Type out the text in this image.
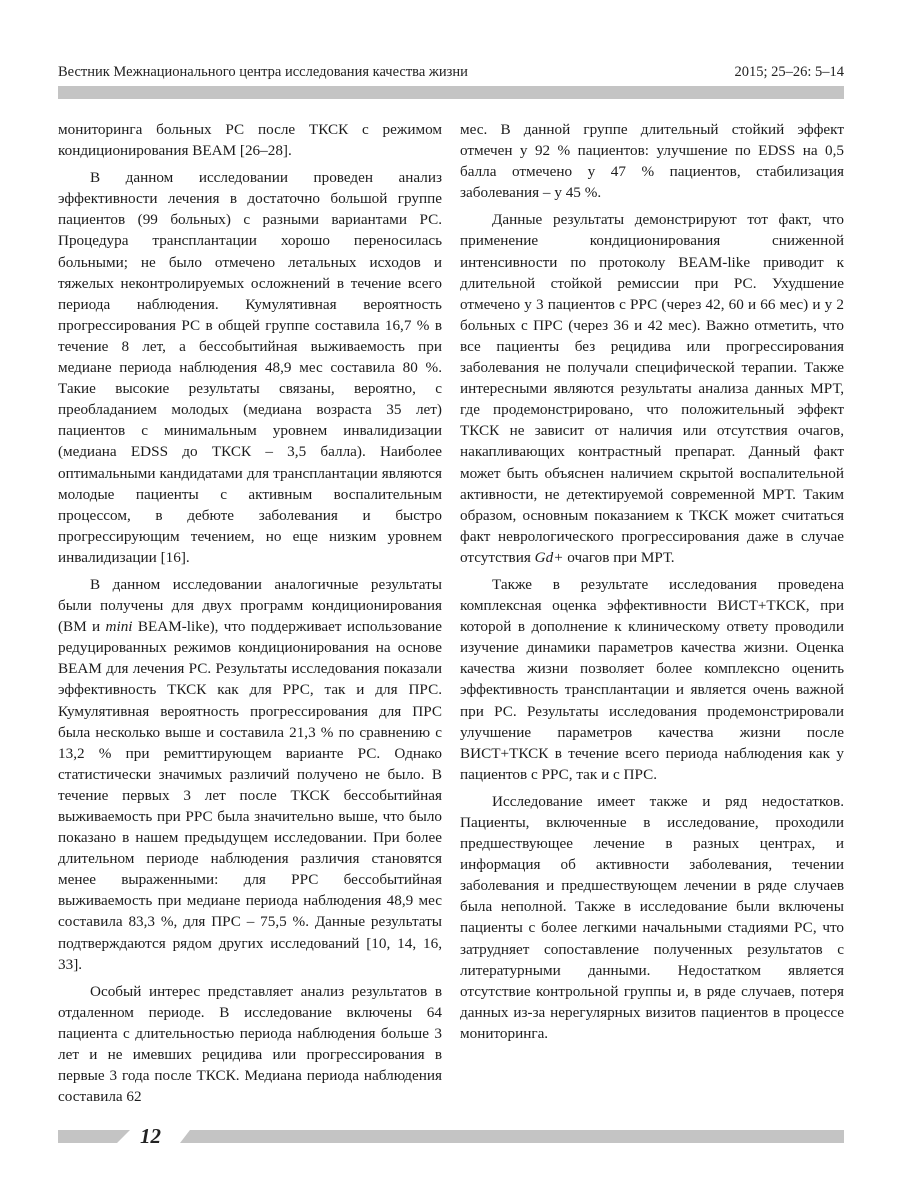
Вестник Межнационального центра исследования качества жизни	2015; 25–26: 5–14

мониторинга больных РС после ТКСК с режимом кондиционирования BEAM [26–28].

В данном исследовании проведен анализ эффективности лечения в достаточно большой группе пациентов (99 больных) с разными вариантами РС. Процедура трансплантации хорошо переносилась больными; не было отмечено летальных исходов и тяжелых неконтролируемых осложнений в течение всего периода наблюдения. Кумулятивная вероятность прогрессирования РС в общей группе составила 16,7 % в течение 8 лет, а бессобытийная выживаемость при медиане периода наблюдения 48,9 мес составила 80 %. Такие высокие результаты связаны, вероятно, с преобладанием молодых (медиана возраста 35 лет) пациентов с минимальным уровнем инвалидизации (медиана EDSS до ТКСК – 3,5 балла). Наиболее оптимальными кандидатами для трансплантации являются молодые пациенты с активным воспалительным процессом, в дебюте заболевания и быстро прогрессирующим течением, но еще низким уровнем инвалидизации [16].

В данном исследовании аналогичные результаты были получены для двух программ кондиционирования (BM и mini BEAM-like), что поддерживает использование редуцированных режимов кондиционирования на основе BEAM для лечения РС. Результаты исследования показали эффективность ТКСК как для РРС, так и для ПРС. Кумулятивная вероятность прогрессирования для ПРС была несколько выше и составила 21,3 % по сравнению с 13,2 % при ремиттирующем варианте РС. Однако статистически значимых различий получено не было. В течение первых 3 лет после ТКСК бессобытийная выживаемость при РРС была значительно выше, что было показано в нашем предыдущем исследовании. При более длительном периоде наблюдения различия становятся менее выраженными: для РРС бессобытийная выживаемость при медиане периода наблюдения 48,9 мес составила 83,3 %, для ПРС – 75,5 %. Данные результаты подтверждаются рядом других исследований [10, 14, 16, 33].

Особый интерес представляет анализ результатов в отдаленном периоде. В исследование включены 64 пациента с длительностью периода наблюдения больше 3 лет и не имевших рецидива или прогрессирования в первые 3 года после ТКСК. Медиана периода наблюдения составила 62

мес. В данной группе длительный стойкий эффект отмечен у 92 % пациентов: улучшение по EDSS на 0,5 балла отмечено у 47 % пациентов, стабилизация заболевания – у 45 %.

Данные результаты демонстрируют тот факт, что применение кондиционирования сниженной интенсивности по протоколу BEAM-like приводит к длительной стойкой ремиссии при РС. Ухудшение отмечено у 3 пациентов с РРС (через 42, 60 и 66 мес) и у 2 больных с ПРС (через 36 и 42 мес). Важно отметить, что все пациенты без рецидива или прогрессирования заболевания не получали специфической терапии. Также интересными являются результаты анализа данных МРТ, где продемонстрировано, что положительный эффект ТКСК не зависит от наличия или отсутствия очагов, накапливающих контрастный препарат. Данный факт может быть объяснен наличием скрытой воспалительной активности, не детектируемой современной МРТ. Таким образом, основным показанием к ТКСК может считаться факт неврологического прогрессирования даже в случае отсутствия Gd+ очагов при МРТ.

Также в результате исследования проведена комплексная оценка эффективности ВИСТ+ТКСК, при которой в дополнение к клиническому ответу проводили изучение динамики параметров качества жизни. Оценка качества жизни позволяет более комплексно оценить эффективность трансплантации и является очень важной при РС. Результаты исследования продемонстрировали улучшение параметров качества жизни после ВИСТ+ТКСК в течение всего периода наблюдения как у пациентов с РРС, так и с ПРС.

Исследование имеет также и ряд недостатков. Пациенты, включенные в исследование, проходили предшествующее лечение в разных центрах, и информация об активности заболевания, течении заболевания и предшествующем лечении в ряде случаев была неполной. Также в исследование были включены пациенты с более легкими начальными стадиями РС, что затрудняет сопоставление полученных результатов с литературными данными. Недостатком является отсутствие контрольной группы и, в ряде случаев, потеря данных из-за нерегулярных визитов пациентов в процессе мониторинга.

12
